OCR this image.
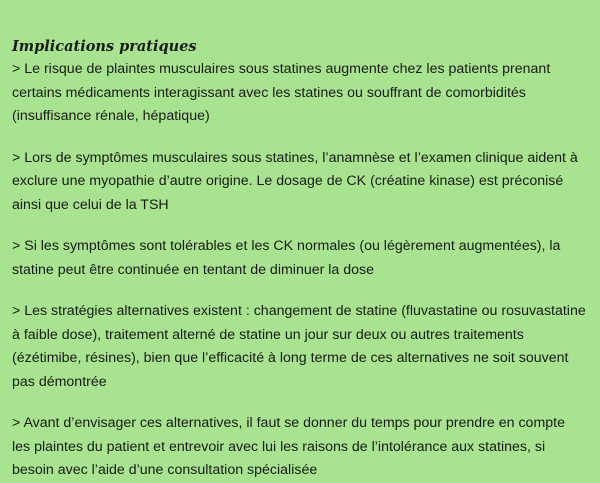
Implications pratiques

> Le risque de plaintes musculaires sous statines augmente chez les patients prenant certains médicaments interagissant avec les statines ou souffrant de comorbidités (insuffisance rénale, hépatique)

> Lors de symptômes musculaires sous statines, l’anamnèse et l’examen clinique aident à exclure une myopathie d’autre origine. Le dosage de CK (créatine kinase) est préconisé ainsi que celui de la TSH

> Si les symptômes sont tolérables et les CK normales (ou légèrement augmentées), la statine peut être continuée en tentant de diminuer la dose

> Les stratégies alternatives existent : changement de statine (fluvastatine ou rosuvastatine à faible dose), traitement alterné de statine un jour sur deux ou autres traitements (ézétimibe, résines), bien que l’efficacité à long terme de ces alternatives ne soit souvent pas démontrée

> Avant d’envisager ces alternatives, il faut se donner du temps pour prendre en compte les plaintes du patient et entrevoir avec lui les raisons de l’intolérance aux statines, si besoin avec l’aide d’une consultation spécialisée
